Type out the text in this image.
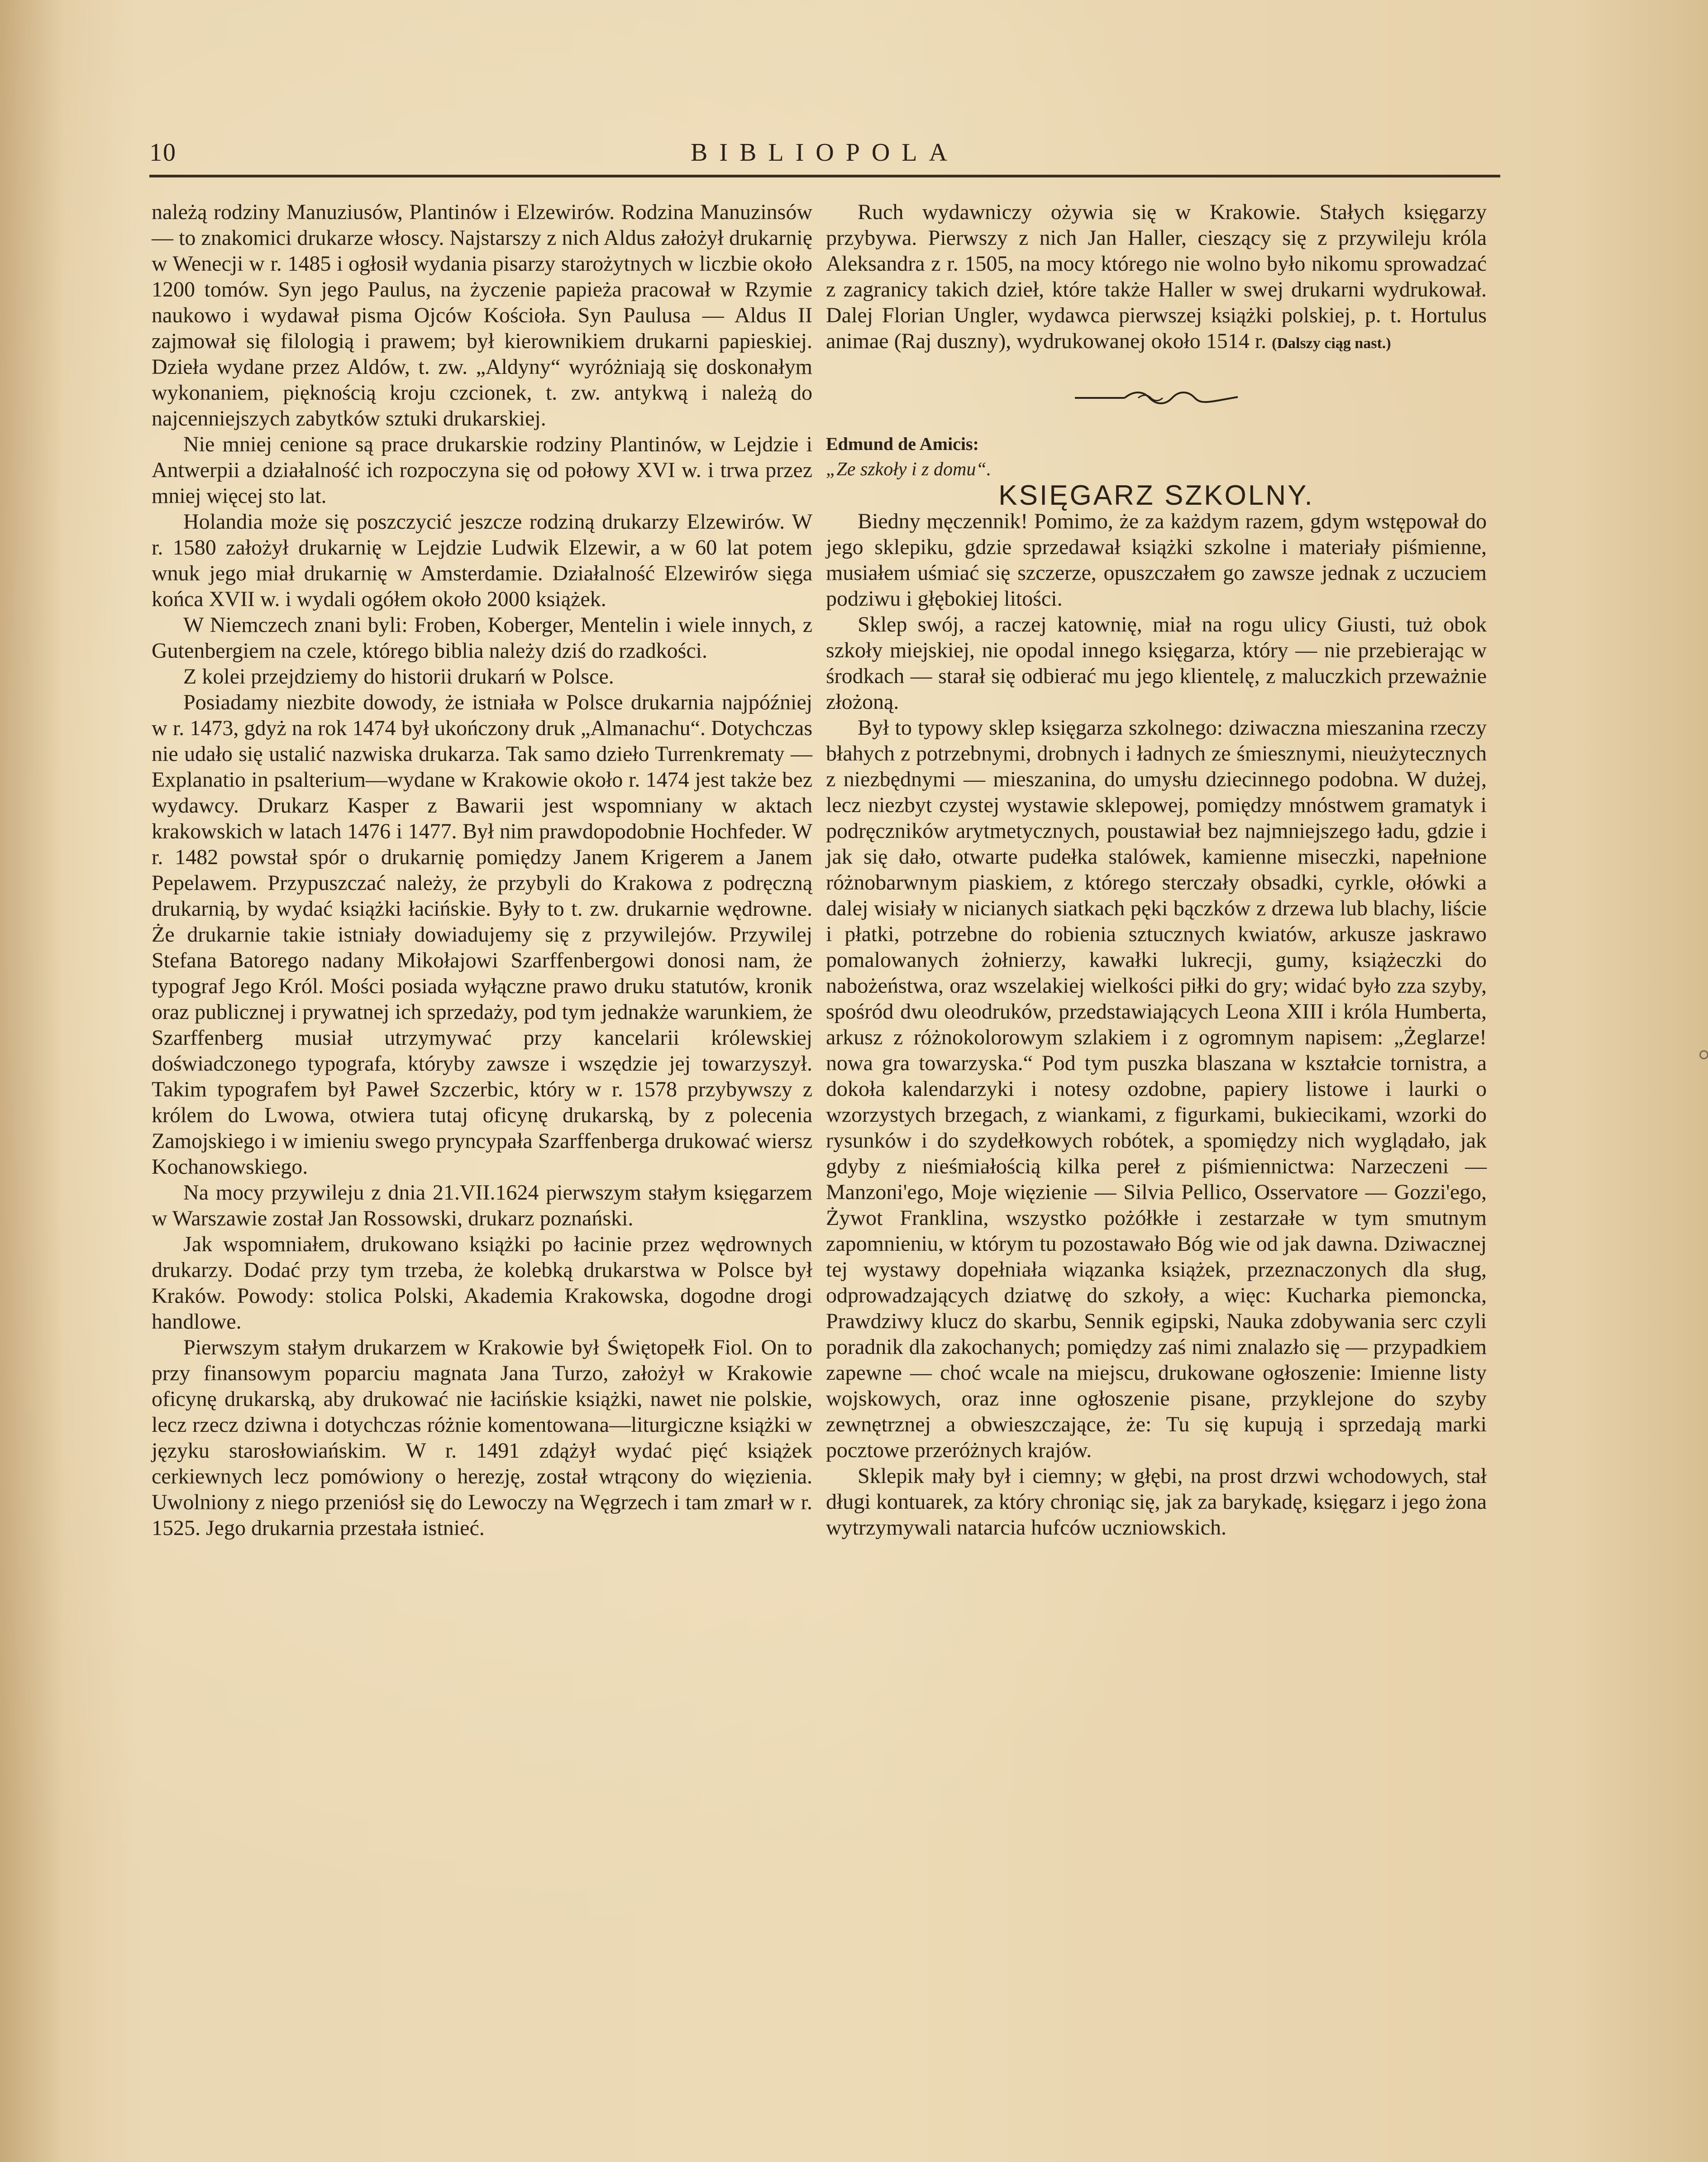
10	BIBLIOPOLA

należą rodziny Manuziusów, Plantinów i Elzewirów. Rodzina Manuzinsów — to znakomici drukarze włoscy. Najstarszy z nich Aldus założył drukarnię w Wenecji w r. 1485 i ogłosił wydania pisarzy starożytnych w liczbie około 1200 tomów. Syn jego Paulus, na życzenie papieża pracował w Rzymie naukowo i wydawał pisma Ojców Kościoła. Syn Paulusa — Aldus II zajmował się filologią i prawem; był kierownikiem drukarni papieskiej. Dzieła wydane przez Aldów, t. zw. „Aldyny“ wyróżniają się doskonałym wykonaniem, pięknością kroju czcionek, t. zw. antykwą i należą do najcenniejszych zabytków sztuki drukarskiej.

Nie mniej cenione są prace drukarskie rodziny Plantinów, w Lejdzie i Antwerpii a działalność ich rozpoczyna się od połowy XVI w. i trwa przez mniej więcej sto lat.

Holandia może się poszczycić jeszcze rodziną drukarzy Elzewirów. W r. 1580 założył drukarnię w Lejdzie Ludwik Elzewir, a w 60 lat potem wnuk jego miał drukarnię w Amsterdamie. Działalność Elzewirów sięga końca XVII w. i wydali ogółem około 2000 książek.

W Niemczech znani byli: Froben, Koberger, Mentelin i wiele innych, z Gutenbergiem na czele, którego biblia należy dziś do rzadkości.

Z kolei przejdziemy do historii drukarń w Polsce.

Posiadamy niezbite dowody, że istniała w Polsce drukarnia najpóźniej w r. 1473, gdyż na rok 1474 był ukończony druk „Almanachu“. Dotychczas nie udało się ustalić nazwiska drukarza. Tak samo dzieło Turrenkrematy — Explanatio in psalterium—wydane w Krakowie około r. 1474 jest także bez wydawcy. Drukarz Kasper z Bawarii jest wspomniany w aktach krakowskich w latach 1476 i 1477. Był nim prawdopodobnie Hochfeder. W r. 1482 powstał spór o drukarnię pomiędzy Janem Krigerem a Janem Pepelawem. Przypuszczać należy, że przybyli do Krakowa z podręczną drukarnią, by wydać książki łacińskie. Były to t. zw. drukarnie wędrowne. Że drukarnie takie istniały dowiadujemy się z przywilejów. Przywilej Stefana Batorego nadany Mikołajowi Szarffenbergowi donosi nam, że typograf Jego Król. Mości posiada wyłączne prawo druku statutów, kronik oraz publicznej i prywatnej ich sprzedaży, pod tym jednakże warunkiem, że Szarffenberg musiał utrzymywać przy kancelarii królewskiej doświadczonego typografa, któryby zawsze i wszędzie jej towarzyszył. Takim typografem był Paweł Szczerbic, który w r. 1578 przybywszy z królem do Lwowa, otwiera tutaj oficynę drukarską, by z polecenia Zamojskiego i w imieniu swego pryncypała Szarffenberga drukować wiersz Kochanowskiego.

Na mocy przywileju z dnia 21.VII.1624 pierwszym stałym księgarzem w Warszawie został Jan Rossowski, drukarz poznański.

Jak wspomniałem, drukowano książki po łacinie przez wędrownych drukarzy. Dodać przy tym trzeba, że kolebką drukarstwa w Polsce był Kraków. Powody: stolica Polski, Akademia Krakowska, dogodne drogi handlowe.

Pierwszym stałym drukarzem w Krakowie był Świętopełk Fiol. On to przy finansowym poparciu magnata Jana Turzo, założył w Krakowie oficynę drukarską, aby drukować nie łacińskie książki, nawet nie polskie, lecz rzecz dziwna i dotychczas różnie komentowana—liturgiczne książki w języku starosłowiańskim. W r. 1491 zdążył wydać pięć książek cerkiewnych lecz pomówiony o herezję, został wtrącony do więzienia. Uwolniony z niego przeniósł się do Lewoczy na Węgrzech i tam zmarł w r. 1525. Jego drukarnia przestała istnieć.

Ruch wydawniczy ożywia się w Krakowie. Stałych księgarzy przybywa. Pierwszy z nich Jan Haller, cieszący się z przywileju króla Aleksandra z r. 1505, na mocy którego nie wolno było nikomu sprowadzać z zagranicy takich dzieł, które także Haller w swej drukarni wydrukował. Dalej Florian Ungler, wydawca pierwszej książki polskiej, p. t. Hortulus animae (Raj duszny), wydrukowanej około 1514 r. (Dalszy ciąg nast.)

Edmund de Amicis:

„Ze szkoły i z domu“.

KSIĘGARZ SZKOLNY.

Biedny męczennik! Pomimo, że za każdym razem, gdym wstępował do jego sklepiku, gdzie sprzedawał książki szkolne i materiały piśmienne, musiałem uśmiać się szczerze, opuszczałem go zawsze jednak z uczuciem podziwu i głębokiej litości.

Sklep swój, a raczej katownię, miał na rogu ulicy Giusti, tuż obok szkoły miejskiej, nie opodal innego księgarza, który — nie przebierając w środkach — starał się odbierać mu jego klientelę, z maluczkich przeważnie złożoną.

Był to typowy sklep księgarza szkolnego: dziwaczna mieszanina rzeczy błahych z potrzebnymi, drobnych i ładnych ze śmiesznymi, nieużytecznych z niezbędnymi — mieszanina, do umysłu dziecinnego podobna. W dużej, lecz niezbyt czystej wystawie sklepowej, pomiędzy mnóstwem gramatyk i podręczników arytmetycznych, poustawiał bez najmniejszego ładu, gdzie i jak się dało, otwarte pudełka stalówek, kamienne miseczki, napełnione różnobarwnym piaskiem, z którego sterczały obsadki, cyrkle, ołówki a dalej wisiały w nicianych siatkach pęki bączków z drzewa lub blachy, liście i płatki, potrzebne do robienia sztucznych kwiatów, arkusze jaskrawo pomalowanych żołnierzy, kawałki lukrecji, gumy, książeczki do nabożeństwa, oraz wszelakiej wielkości piłki do gry; widać było zza szyby, spośród dwu oleodruków, przedstawiających Leona XIII i króla Humberta, arkusz z różnokolorowym szlakiem i z ogromnym napisem: „Żeglarze! nowa gra towarzyska.“ Pod tym puszka blaszana w kształcie tornistra, a dokoła kalendarzyki i notesy ozdobne, papiery listowe i laurki o wzorzystych brzegach, z wiankami, z figurkami, bukiecikami, wzorki do rysunków i do szydełkowych robótek, a spomiędzy nich wyglądało, jak gdyby z nieśmiałością kilka pereł z piśmiennictwa: Narzeczeni — Manzoni'ego, Moje więzienie — Silvia Pellico, Osservatore — Gozzi'ego, Żywot Franklina, wszystko pożółkłe i zestarzałe w tym smutnym zapomnieniu, w którym tu pozostawało Bóg wie od jak dawna. Dziwacznej tej wystawy dopełniała wiązanka książek, przeznaczonych dla sług, odprowadzających dziatwę do szkoły, a więc: Kucharka piemoncka, Prawdziwy klucz do skarbu, Sennik egipski, Nauka zdobywania serc czyli poradnik dla zakochanych; pomiędzy zaś nimi znalazło się — przypadkiem zapewne — choć wcale na miejscu, drukowane ogłoszenie: Imienne listy wojskowych, oraz inne ogłoszenie pisane, przyklejone do szyby zewnętrznej a obwieszczające, że: Tu się kupują i sprzedają marki pocztowe przeróżnych krajów.

Sklepik mały był i ciemny; w głębi, na prost drzwi wchodowych, stał długi kontuarek, za który chroniąc się, jak za barykadę, księgarz i jego żona wytrzymywali natarcia hufców uczniowskich.
